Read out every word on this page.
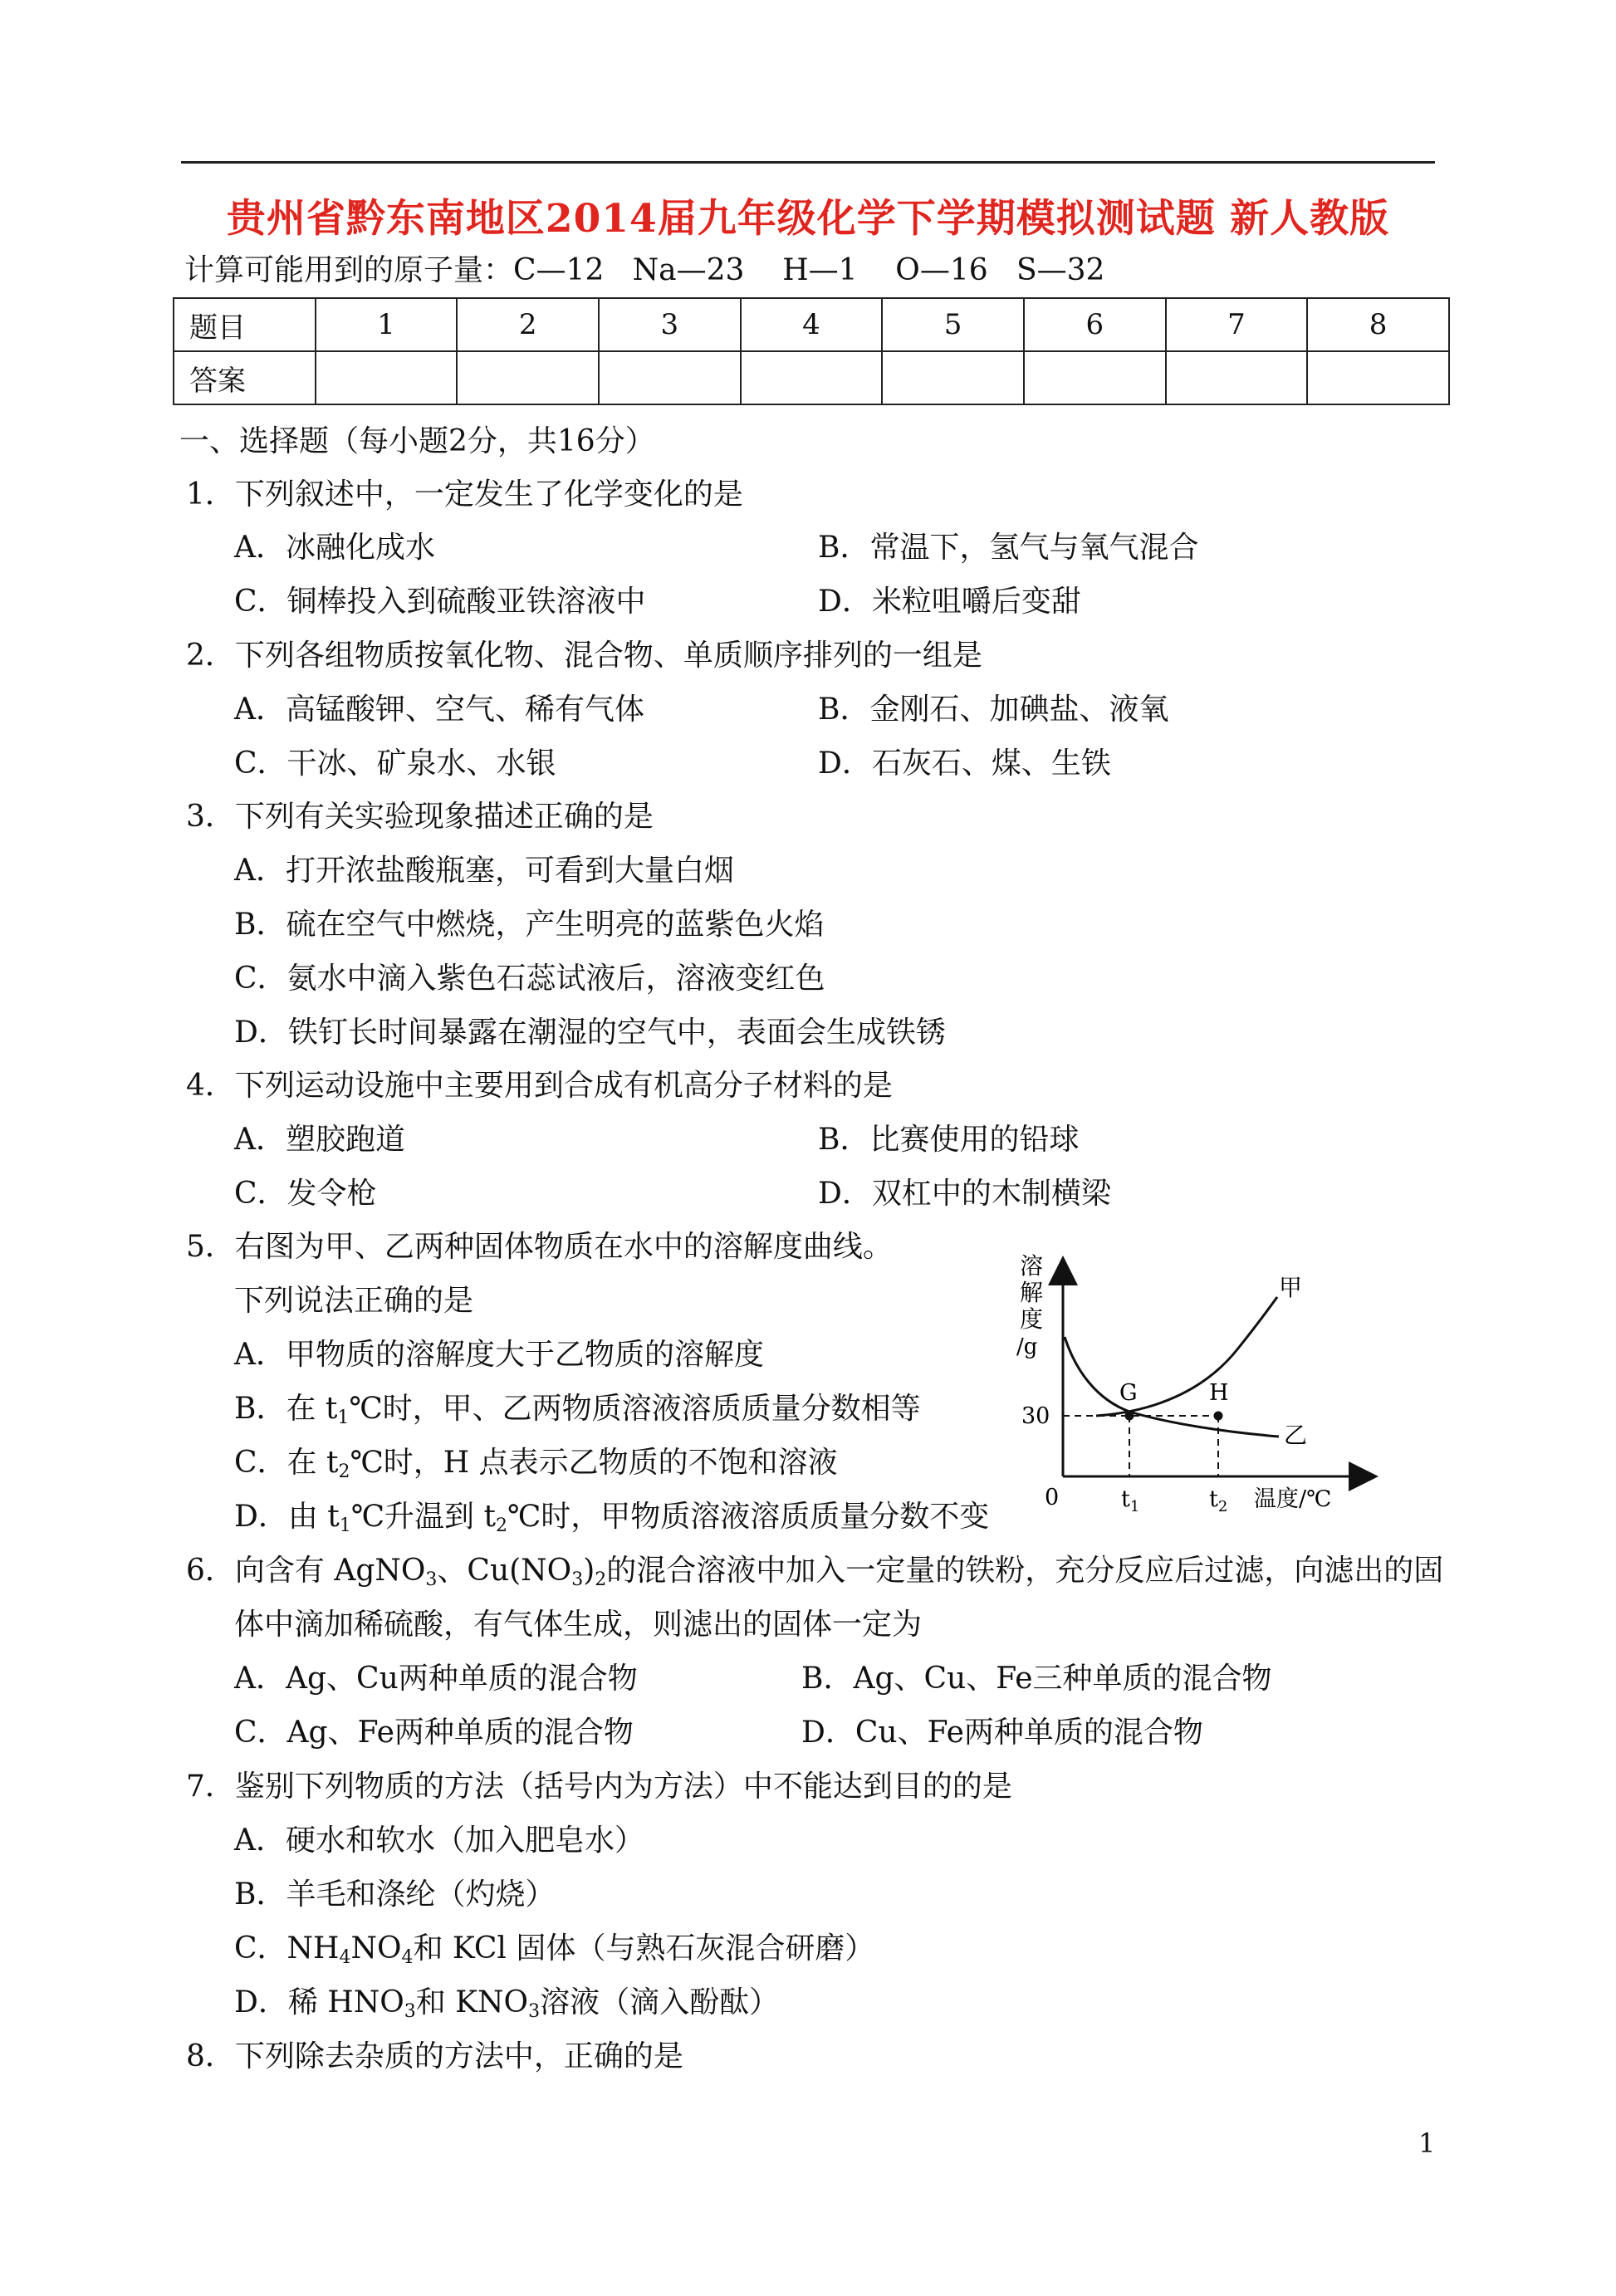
贵州省黔东南地区2014届九年级化学下学期模拟测试题 新人教版
计算可能用到的原子量：C—12   Na—23    H—1    O—16   S—32
题目	1	2	3	4	5	6	7	8
答案								
一、选择题（每小题2分，共16分）
1．下列叙述中，一定发生了化学变化的是
A．冰融化成水	B．常温下，氢气与氧气混合
C．铜棒投入到硫酸亚铁溶液中	D．米粒咀嚼后变甜
2．下列各组物质按氧化物、混合物、单质顺序排列的一组是
A．高锰酸钾、空气、稀有气体	B．金刚石、加碘盐、液氧
C．干冰、矿泉水、水银	D．石灰石、煤、生铁
3．下列有关实验现象描述正确的是
A．打开浓盐酸瓶塞，可看到大量白烟
B．硫在空气中燃烧，产生明亮的蓝紫色火焰
C．氨水中滴入紫色石蕊试液后，溶液变红色
D．铁钉长时间暴露在潮湿的空气中，表面会生成铁锈
4．下列运动设施中主要用到合成有机高分子材料的是
A．塑胶跑道	B．比赛使用的铅球
C．发令枪	D．双杠中的木制横梁
5．右图为甲、乙两种固体物质在水中的溶解度曲线。
下列说法正确的是
A．甲物质的溶解度大于乙物质的溶解度
B．在 $t_1℃$时，甲、乙两物质溶液溶质质量分数相等
C．在 $t_2℃$时，H 点表示乙物质的不饱和溶液
D．由 $t_1℃$升温到 $t_2℃$时，甲物质溶液溶质质量分数不变
溶
解
度
/g
30
0	$t_1$	$t_2$ 温度/℃
甲
乙
G	H
6．向含有 AgNO$_3$、$Cu(NO_3)_2$的混合溶液中加入一定量的铁粉，充分反应后过滤，向滤出的固
体中滴加稀硫酸，有气体生成，则滤出的固体一定为
A．Ag、Cu两种单质的混合物	B．Ag、Cu、Fe三种单质的混合物
C．Ag、Fe两种单质的混合物	D．Cu、Fe两种单质的混合物
7．鉴别下列物质的方法（括号内为方法）中不能达到目的的是
A．硬水和软水（加入肥皂水）
B．羊毛和涤纶（灼烧）
C．$NH_4NO_4$和 KCl 固体（与熟石灰混合研磨）
D．稀 $HNO_3$和 $KNO_3$溶液（滴入酚酞）
8．下列除去杂质的方法中，正确的是
1
